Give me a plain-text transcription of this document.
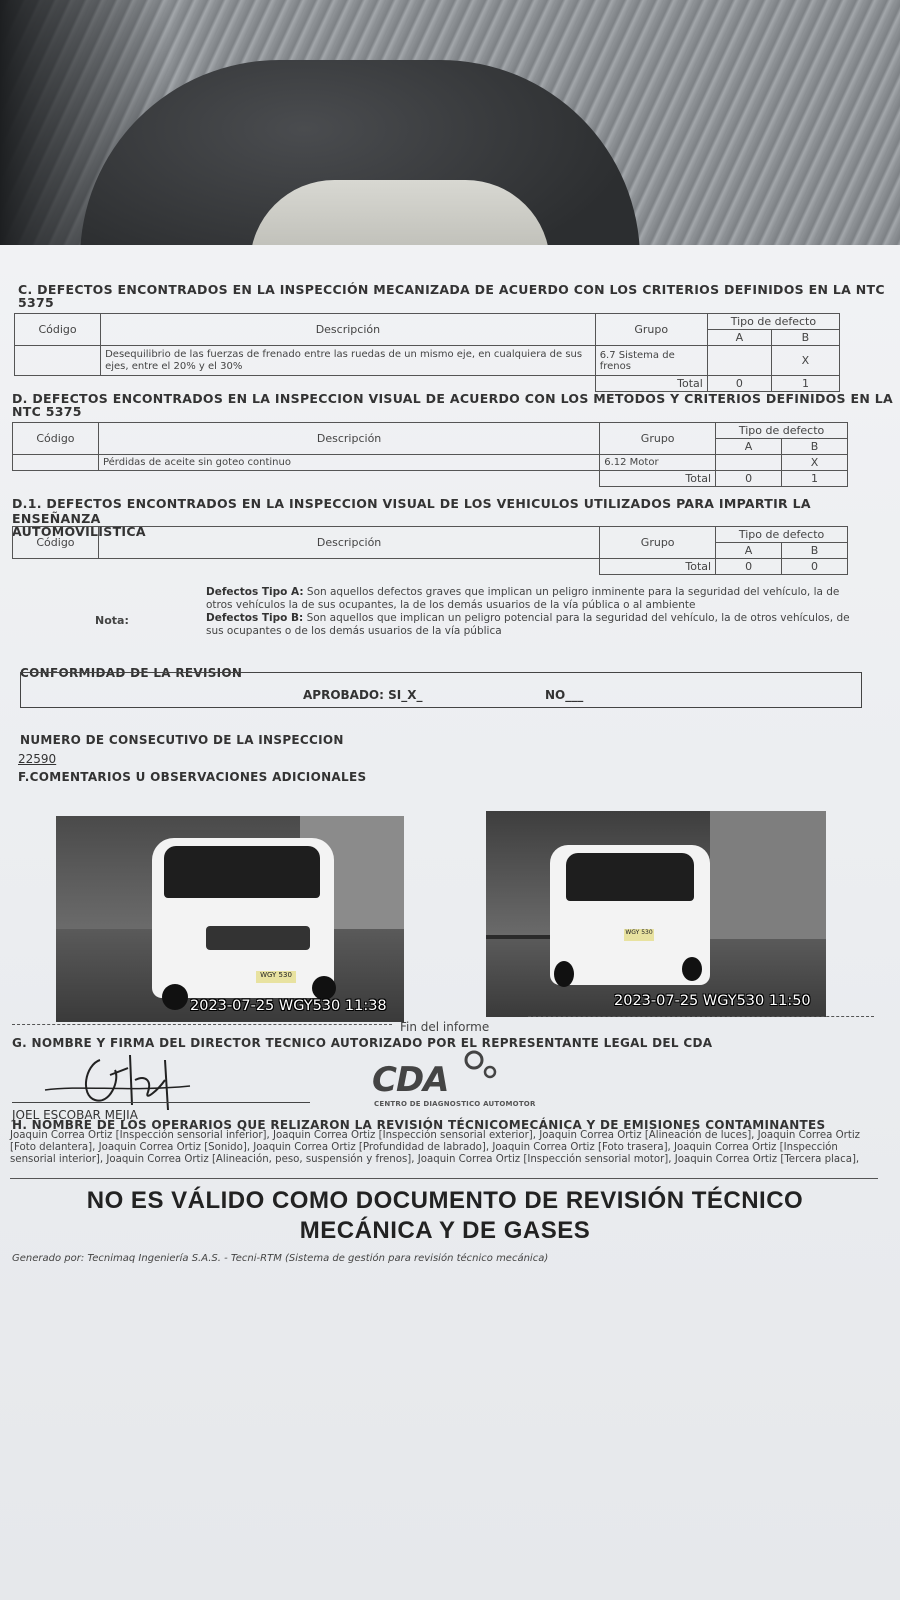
C. DEFECTOS ENCONTRADOS EN LA INSPECCIÓN MECANIZADA DE ACUERDO CON LOS CRITERIOS DEFINIDOS EN LA NTC
5375
Código	Descripción	Grupo	Tipo de defecto	
			A	B
	Desequilibrio de las fuerzas de frenado entre las ruedas de un mismo eje, en cualquiera de sus ejes, entre el 20% y el 30%	6.7 Sistema de frenos		X
		Total	0	1
D. DEFECTOS ENCONTRADOS EN LA INSPECCION VISUAL DE ACUERDO CON LOS METODOS Y CRITERIOS DEFINIDOS EN LA
NTC 5375
Código	Descripción	Grupo	Tipo de defecto	
			A	B
	Pérdidas de aceite sin goteo continuo	6.12 Motor		X
		Total	0	1
D.1. DEFECTOS ENCONTRADOS EN LA INSPECCION VISUAL DE LOS VEHICULOS UTILIZADOS PARA IMPARTIR LA ENSEÑANZA
AUTOMOVILISTICA
Código	Descripción	Grupo	Tipo de defecto	
			A	B
		Total	0	0
Nota:
Defectos Tipo A: Son aquellos defectos graves que implican un peligro inminente para la seguridad del vehículo, la de otros vehículos la de sus ocupantes, la de los demás usuarios de la vía pública o al ambiente
Defectos Tipo B: Son aquellos que implican un peligro potencial para la seguridad del vehículo, la de otros vehículos, de sus ocupantes o de los demás usuarios de la vía pública
CONFORMIDAD DE LA REVISION
APROBADO: SI_X_	NO___
NUMERO DE CONSECUTIVO DE LA INSPECCION
22590
F.COMENTARIOS U OBSERVACIONES ADICIONALES
WGY 530
2023-07-25 WGY530 11:38
WGY 530
2023-07-25 WGY530 11:50
Fin del informe
G. NOMBRE Y FIRMA DEL DIRECTOR TECNICO AUTORIZADO POR EL REPRESENTANTE LEGAL DEL CDA
JOEL ESCOBAR MEJIA
CDA
CENTRO DE DIAGNOSTICO AUTOMOTOR
H. NOMBRE DE LOS OPERARIOS QUE RELIZARON LA REVISIÓN TÉCNICOMECÁNICA Y DE EMISIONES CONTAMINANTES
Joaquin Correa Ortiz [Inspección sensorial inferior], Joaquin Correa Ortiz [Inspección sensorial exterior], Joaquin Correa Ortiz [Alineación de luces], Joaquin Correa Ortiz [Foto delantera], Joaquin Correa Ortiz [Sonido], Joaquin Correa Ortiz [Profundidad de labrado], Joaquin Correa Ortiz [Foto trasera], Joaquin Correa Ortiz [Inspección sensorial interior], Joaquin Correa Ortiz [Alineación, peso, suspensión y frenos], Joaquin Correa Ortiz [Inspección sensorial motor], Joaquin Correa Ortiz [Tercera placa],
NO ES VÁLIDO COMO DOCUMENTO DE REVISIÓN TÉCNICO
MECÁNICA Y DE GASES
Generado por: Tecnimaq Ingeniería S.A.S. - Tecni-RTM (Sistema de gestión para revisión técnico mecánica)
